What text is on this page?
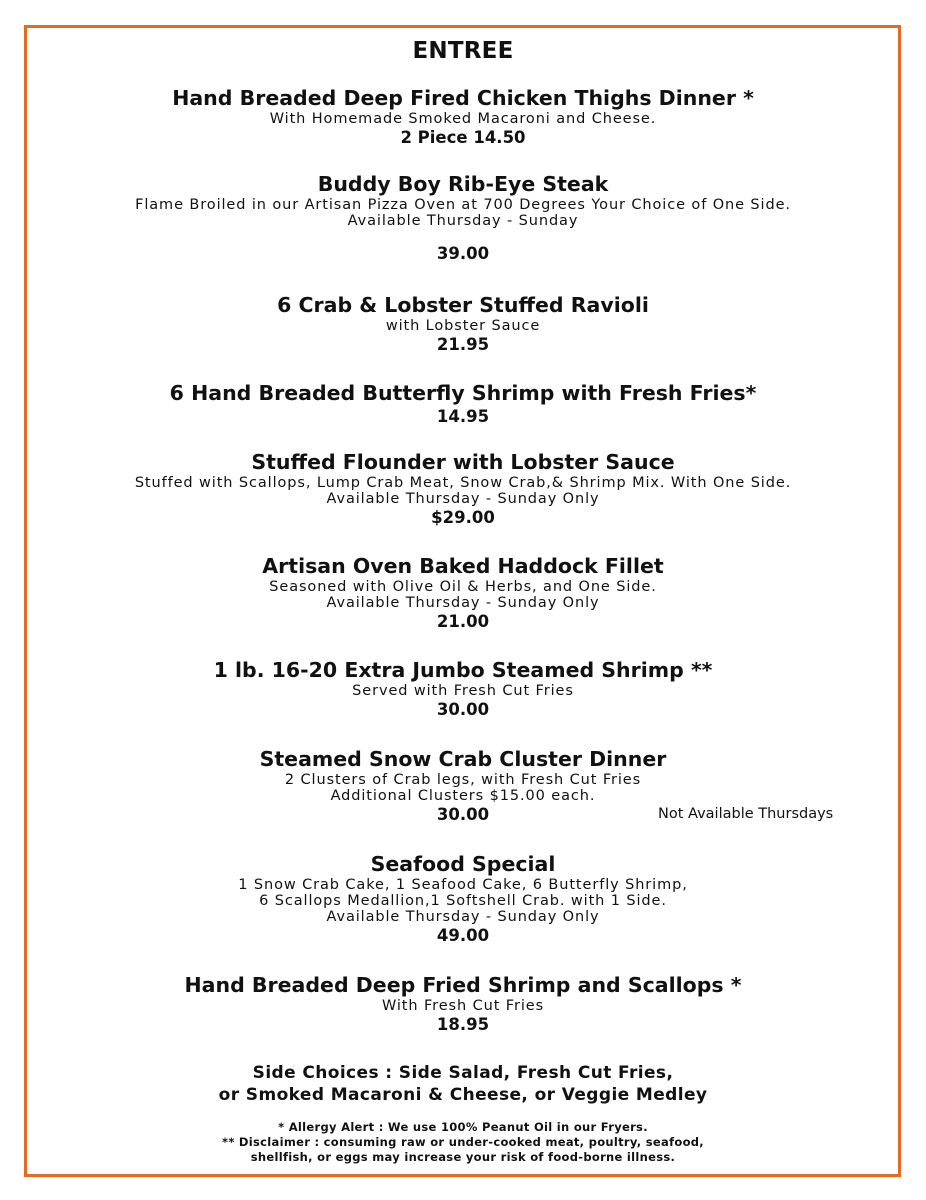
ENTREE
Hand Breaded Deep Fired Chicken Thighs Dinner *
With Homemade Smoked Macaroni and Cheese.
2 Piece 14.50
Buddy Boy Rib-Eye Steak
Flame Broiled in our Artisan Pizza Oven at 700 Degrees Your Choice of One Side.
Available Thursday - Sunday
39.00
6 Crab & Lobster Stuffed Ravioli
with Lobster Sauce
21.95
6 Hand Breaded Butterfly Shrimp with Fresh Fries*
14.95
Stuffed Flounder with Lobster Sauce
Stuffed with Scallops, Lump Crab Meat, Snow Crab,& Shrimp Mix. With One Side.
Available Thursday - Sunday Only
$29.00
Artisan Oven Baked Haddock Fillet
Seasoned with Olive Oil & Herbs, and One Side.
Available Thursday - Sunday Only
21.00
1 lb. 16-20 Extra Jumbo Steamed Shrimp **
Served with Fresh Cut Fries
30.00
Steamed Snow Crab Cluster Dinner
2 Clusters of Crab legs, with Fresh Cut Fries
Additional Clusters $15.00 each.
30.00	Not Available Thursdays
Seafood Special
1 Snow Crab Cake, 1 Seafood Cake, 6 Butterfly Shrimp,
6 Scallops Medallion,1 Softshell Crab. with 1 Side.
Available Thursday - Sunday Only
49.00
Hand Breaded Deep Fried Shrimp and Scallops *
With Fresh Cut Fries
18.95
Side Choices : Side Salad, Fresh Cut Fries,
or Smoked Macaroni & Cheese, or Veggie Medley
* Allergy Alert : We use 100% Peanut Oil in our Fryers.
** Disclaimer : consuming raw or under-cooked meat, poultry, seafood,
shellfish, or eggs may increase your risk of food-borne illness.
